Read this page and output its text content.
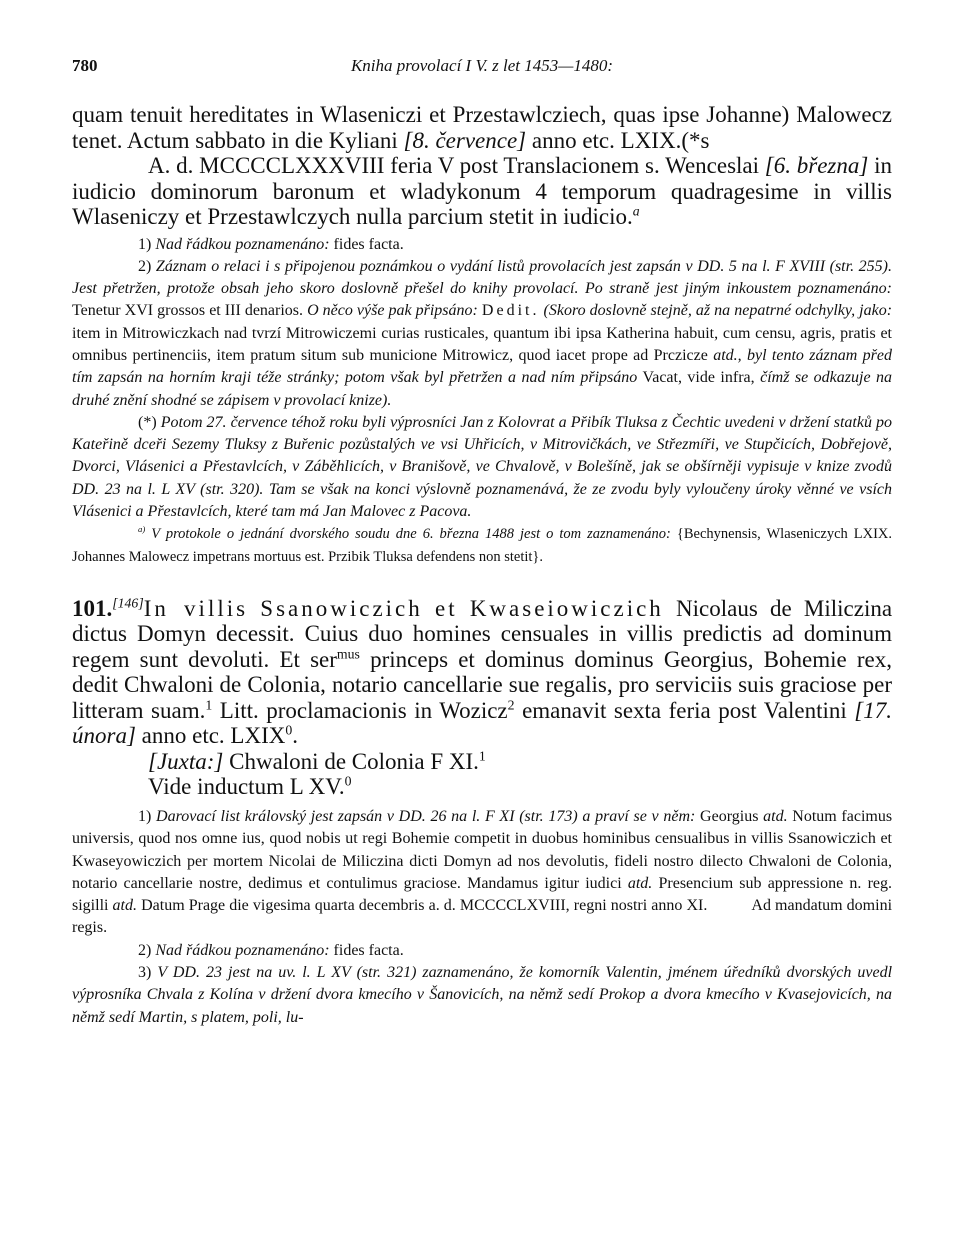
780	Kniha provolací I V. z let 1453—1480:

quam tenuit hereditates in Wlaseniczi et Przestawlcziech, quas ipse Johanne) Malowecz tenet. Actum sabbato in die Kyliani [8. července] anno etc. LXIX.(*s

A. d. MCCCCLXXXVIII feria V post Translacionem s. Wenceslai [6. března] in iudicio dominorum baronum et wladykonum 4 temporum quadragesime in villis Wlaseniczy et Przestawlczych nulla parcium stetit in iudicio.$^a$

1) Nad řádkou poznamenáno: fides facta.

2) Záznam o relaci i s připojenou poznámkou o vydání listů provolacích jest zapsán v DD. 5 na l. F XVIII (str. 255). Jest přetržen, protože obsah jeho skoro doslovně přešel do knihy provolací. Po straně jest jiným inkoustem poznamenáno: Tenetur XVI grossos et III denarios. O něco výše pak připsáno: Dedit. (Skoro doslovně stejně, až na nepatrné odchylky, jako: item in Mitrowiczkach nad tvrzí Mitrowiczemi curias rusticales, quantum ibi ipsa Katherina habuit, cum censu, agris, pratis et omnibus pertinenciis, item pratum situm sub municione Mitrowicz, quod iacet prope ad Prczicze atd., byl tento záznam před tím zapsán na horním kraji téže stránky; potom však byl přetržen a nad ním připsáno Vacat, vide infra, čímž se odkazuje na druhé znění shodné se zápisem v provolací knize).

(*) Potom 27. července téhož roku byli výprosníci Jan z Kolovrat a Přibík Tluksa z Čechtic uvedeni v držení statků po Kateřině dceři Sezemy Tluksy z Buřenic pozůstalých ve vsi Uhřicích, v Mitrovičkách, ve Střezmíři, ve Stupčicích, Dobřejově, Dvorci, Vlásenici a Přestavlcích, v Záběhlicích, v Branišově, ve Chvalově, v Bolešíně, jak se obšírněji vypisuje v knize zvodů DD. 23 na l. L XV (str. 320). Tam se však na konci výslovně poznamenává, že ze zvodu byly vyloučeny úroky věnné ve vsích Vlásenici a Přestavlcích, které tam má Jan Malovec z Pacova.

$^{a)}$ V protokole o jednání dvorského soudu dne 6. března 1488 jest o tom zaznamenáno: {Bechynensis, Wlaseniczych LXIX. Johannes Malowecz impetrans mortuus est. Przibik Tluksa defendens non stetit}.

101.[146]In villis Ssanowiczich et Kwaseiowiczich Nicolaus de Miliczina dictus Domyn decessit. Cuius duo homines censuales in villis predictis ad dominum regem sunt devoluti. Et ser$^{mus}$ princeps et dominus dominus Georgius, Bohemie rex, dedit Chwaloni de Colonia, notario cancellarie sue regalis, pro serviciis suis graciose per litteram suam.$^1$ Litt. proclamacionis in Wozicz$^2$ emanavit sexta feria post Valentini [17. února] anno etc. LXIX$^0$.

[Juxta:] Chwaloni de Colonia F XI.$^1$

Vide inductum L XV.$^0$

1) Darovací list královský jest zapsán v DD. 26 na l. F XI (str. 173) a praví se v něm: Georgius atd. Notum facimus universis, quod nos omne ius, quod nobis ut regi Bohemie competit in duobus hominibus censualibus in villis Ssanowiczich et Kwaseyowiczich per mortem Nicolai de Miliczina dicti Domyn ad nos devolutis, fideli nostro dilecto Chwaloni de Colonia, notario cancellarie nostre, dedimus et contulimus graciose. Mandamus igitur iudici atd. Presencium sub appressione n. reg. sigilli atd. Datum Prage die vigesima quarta decembris a. d. MCCCCLXVIII, regni nostri anno XI.	Ad mandatum domini regis.

2) Nad řádkou poznamenáno: fides facta.

3) V DD. 23 jest na uv. l. L XV (str. 321) zaznamenáno, že komorník Valentin, jménem úředníků dvorských uvedl výprosníka Chvala z Kolína v držení dvora kmecího v Šanovicích, na němž sedí Prokop a dvora kmecího v Kvasejovicích, na němž sedí Martin, s platem, poli, lu-
